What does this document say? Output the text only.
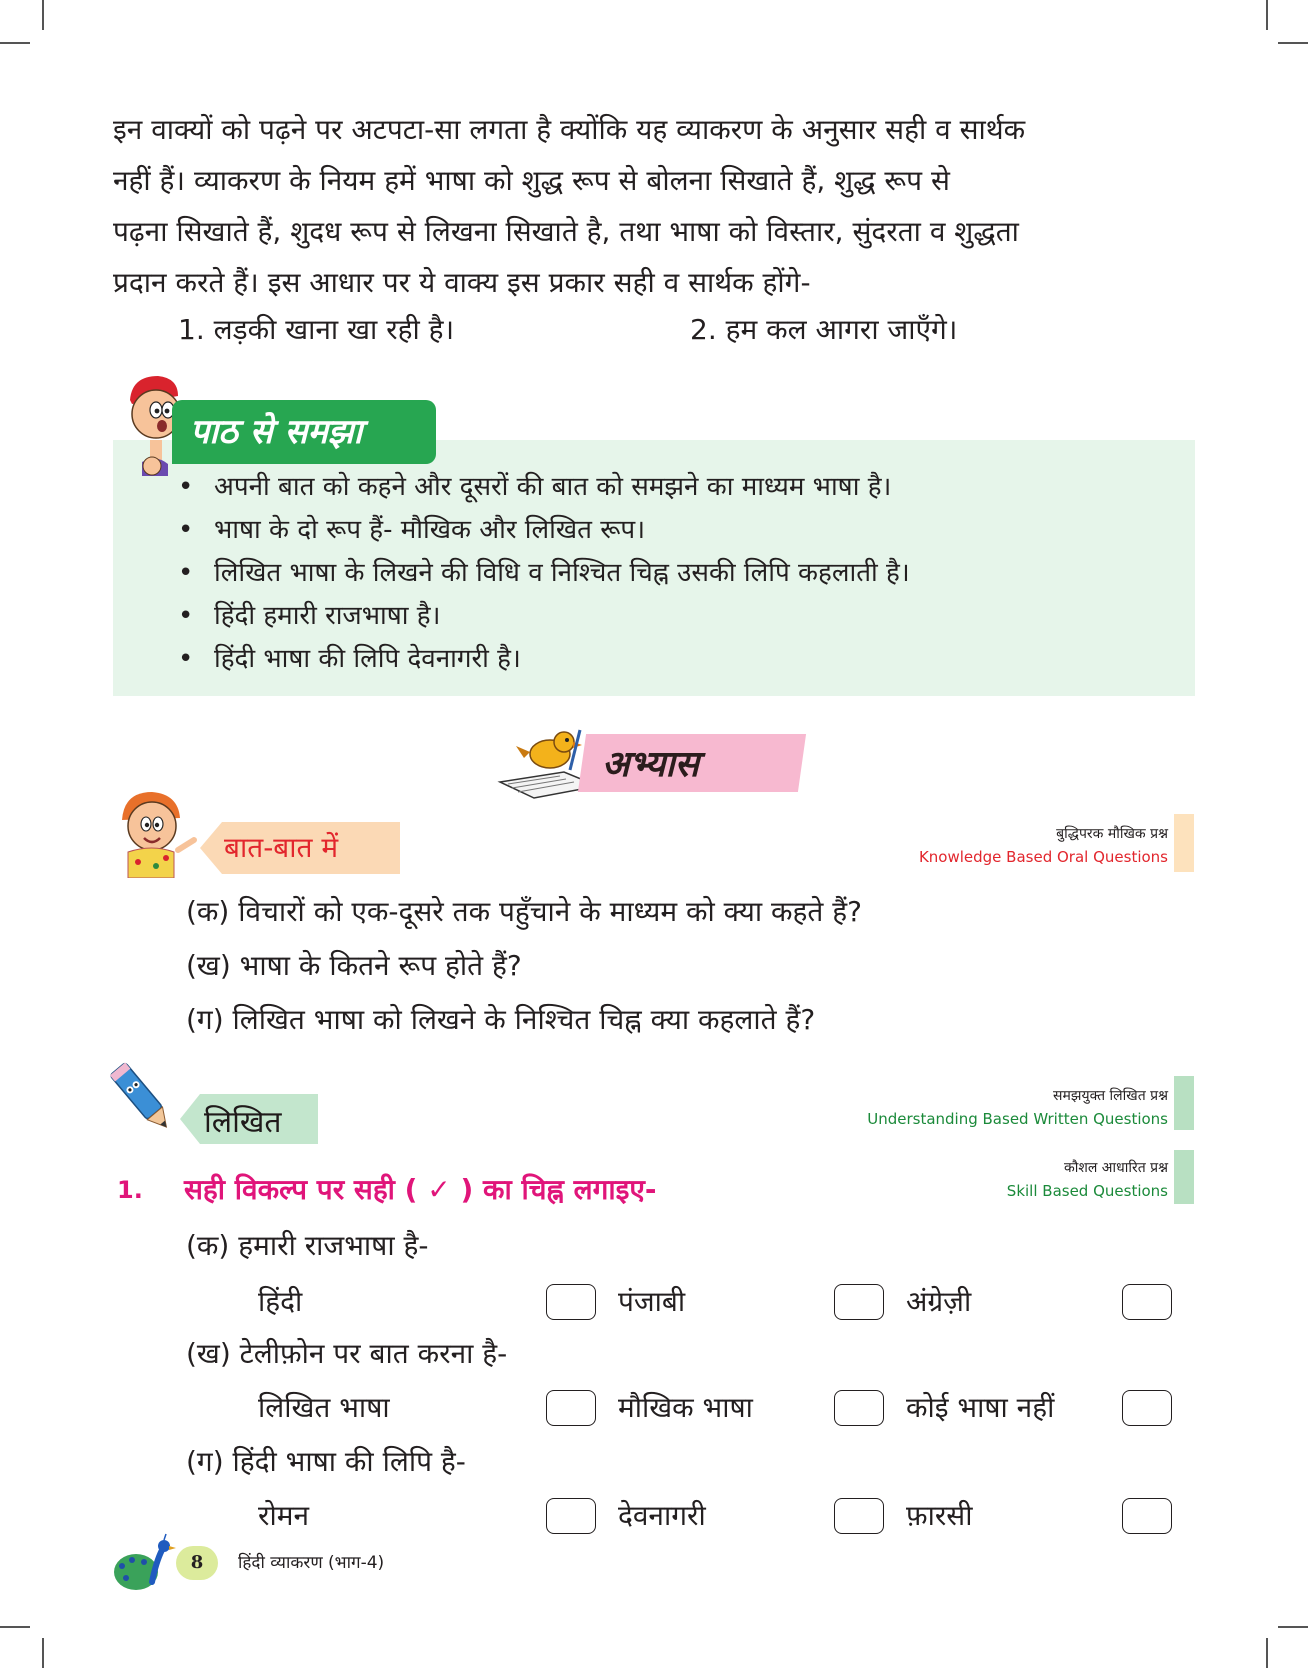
इन वाक्यों को पढ़ने पर अटपटा-सा लगता है क्योंकि यह व्याकरण के अनुसार सही व सार्थक
नहीं हैं। व्याकरण के नियम हमें भाषा को शुद्ध रूप से बोलना सिखाते हैं, शुद्ध रूप से
पढ़ना सिखाते हैं, शुदध रूप से लिखना सिखाते है, तथा भाषा को विस्तार, सुंदरता व शुद्धता
प्रदान करते हैं। इस आधार पर ये वाक्य इस प्रकार सही व सार्थक होंगे-
1. लड़की खाना खा रही है।	2. हम कल आगरा जाएँगे।
पाठ से समझा
• अपनी बात को कहने और दूसरों की बात को समझने का माध्यम भाषा है।
• भाषा के दो रूप हैं- मौखिक और लिखित रूप।
• लिखित भाषा के लिखने की विधि व निश्चित चिह्न उसकी लिपि कहलाती है।
• हिंदी हमारी राजभाषा है।
• हिंदी भाषा की लिपि देवनागरी है।
अभ्यास
बात-बात में	बुद्धिपरक मौखिक प्रश्न
Knowledge Based Oral Questions
(क) विचारों को एक-दूसरे तक पहुँचाने के माध्यम को क्या कहते हैं?
(ख) भाषा के कितने रूप होते हैं?
(ग) लिखित भाषा को लिखने के निश्चित चिह्न क्या कहलाते हैं?
लिखित
समझयुक्त लिखित प्रश्न
Understanding Based Written Questions
कौशल आधारित प्रश्न
Skill Based Questions
1. सही विकल्प पर सही ( ✓ ) का चिह्न लगाइए-
(क) हमारी राजभाषा है-
हिंदी	पंजाबी	अंग्रेज़ी
(ख) टेलीफ़ोन पर बात करना है-
लिखित भाषा	मौखिक भाषा	कोई भाषा नहीं
(ग) हिंदी भाषा की लिपि है-
रोमन	देवनागरी	फ़ारसी
8	हिंदी व्याकरण (भाग-4)
